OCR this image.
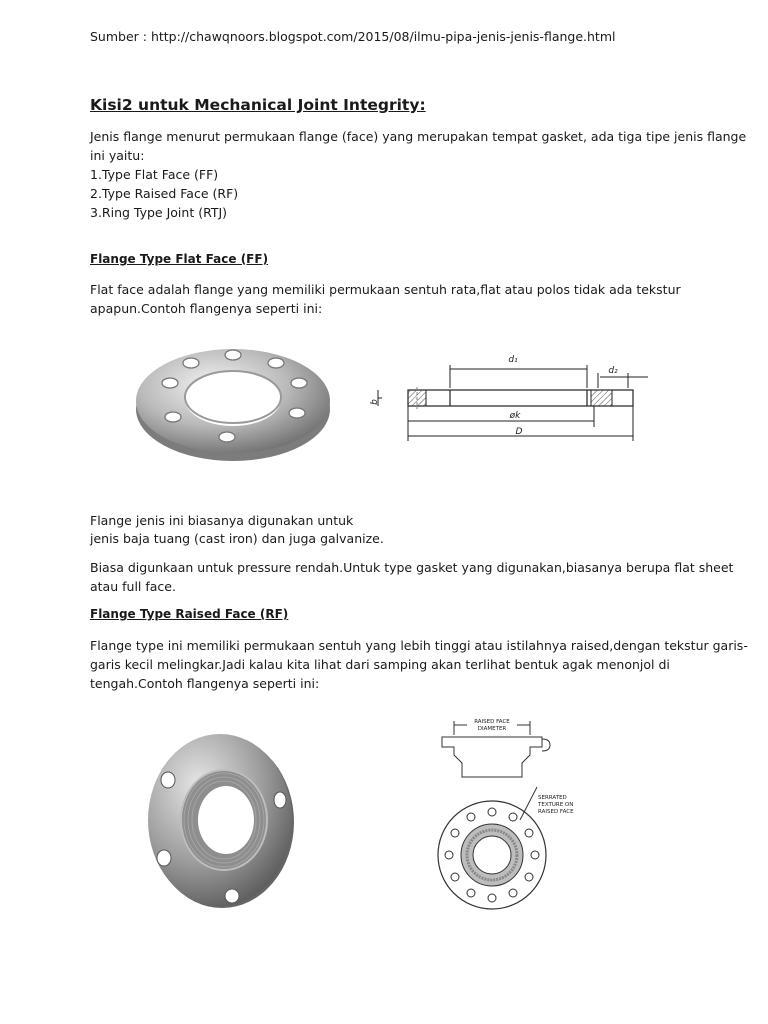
Sumber : http://chawqnoors.blogspot.com/2015/08/ilmu-pipa-jenis-jenis-flange.html

Kisi2 untuk Mechanical Joint Integrity:

Jenis flange menurut permukaan flange (face) yang merupakan tempat gasket, ada tiga tipe jenis flange
ini yaitu:
1.Type Flat Face (FF)
2.Type Raised Face (RF)
3.Ring Type Joint (RTJ)

Flange Type Flat Face (FF)

Flat face adalah flange yang memiliki permukaan sentuh rata,flat atau polos tidak ada tekstur

apapun.Contoh flangenya seperti ini:

d₁
d₂
b
øk
D

Flange jenis ini biasanya digunakan untuk

jenis baja tuang (cast iron) dan juga galvanize.

Biasa digunkaan untuk pressure rendah.Untuk type gasket yang digunakan,biasanya berupa flat sheet

atau full face.

Flange Type Raised Face (RF)

Flange type ini memiliki permukaan sentuh yang lebih tinggi atau istilahnya raised,dengan tekstur garis-

garis kecil melingkar.Jadi kalau kita lihat dari samping akan terlihat bentuk agak menonjol di

tengah.Contoh flangenya seperti ini:

RAISED FACE
DIAMETER
SERRATED
TEXTURE ON
RAISED FACE
